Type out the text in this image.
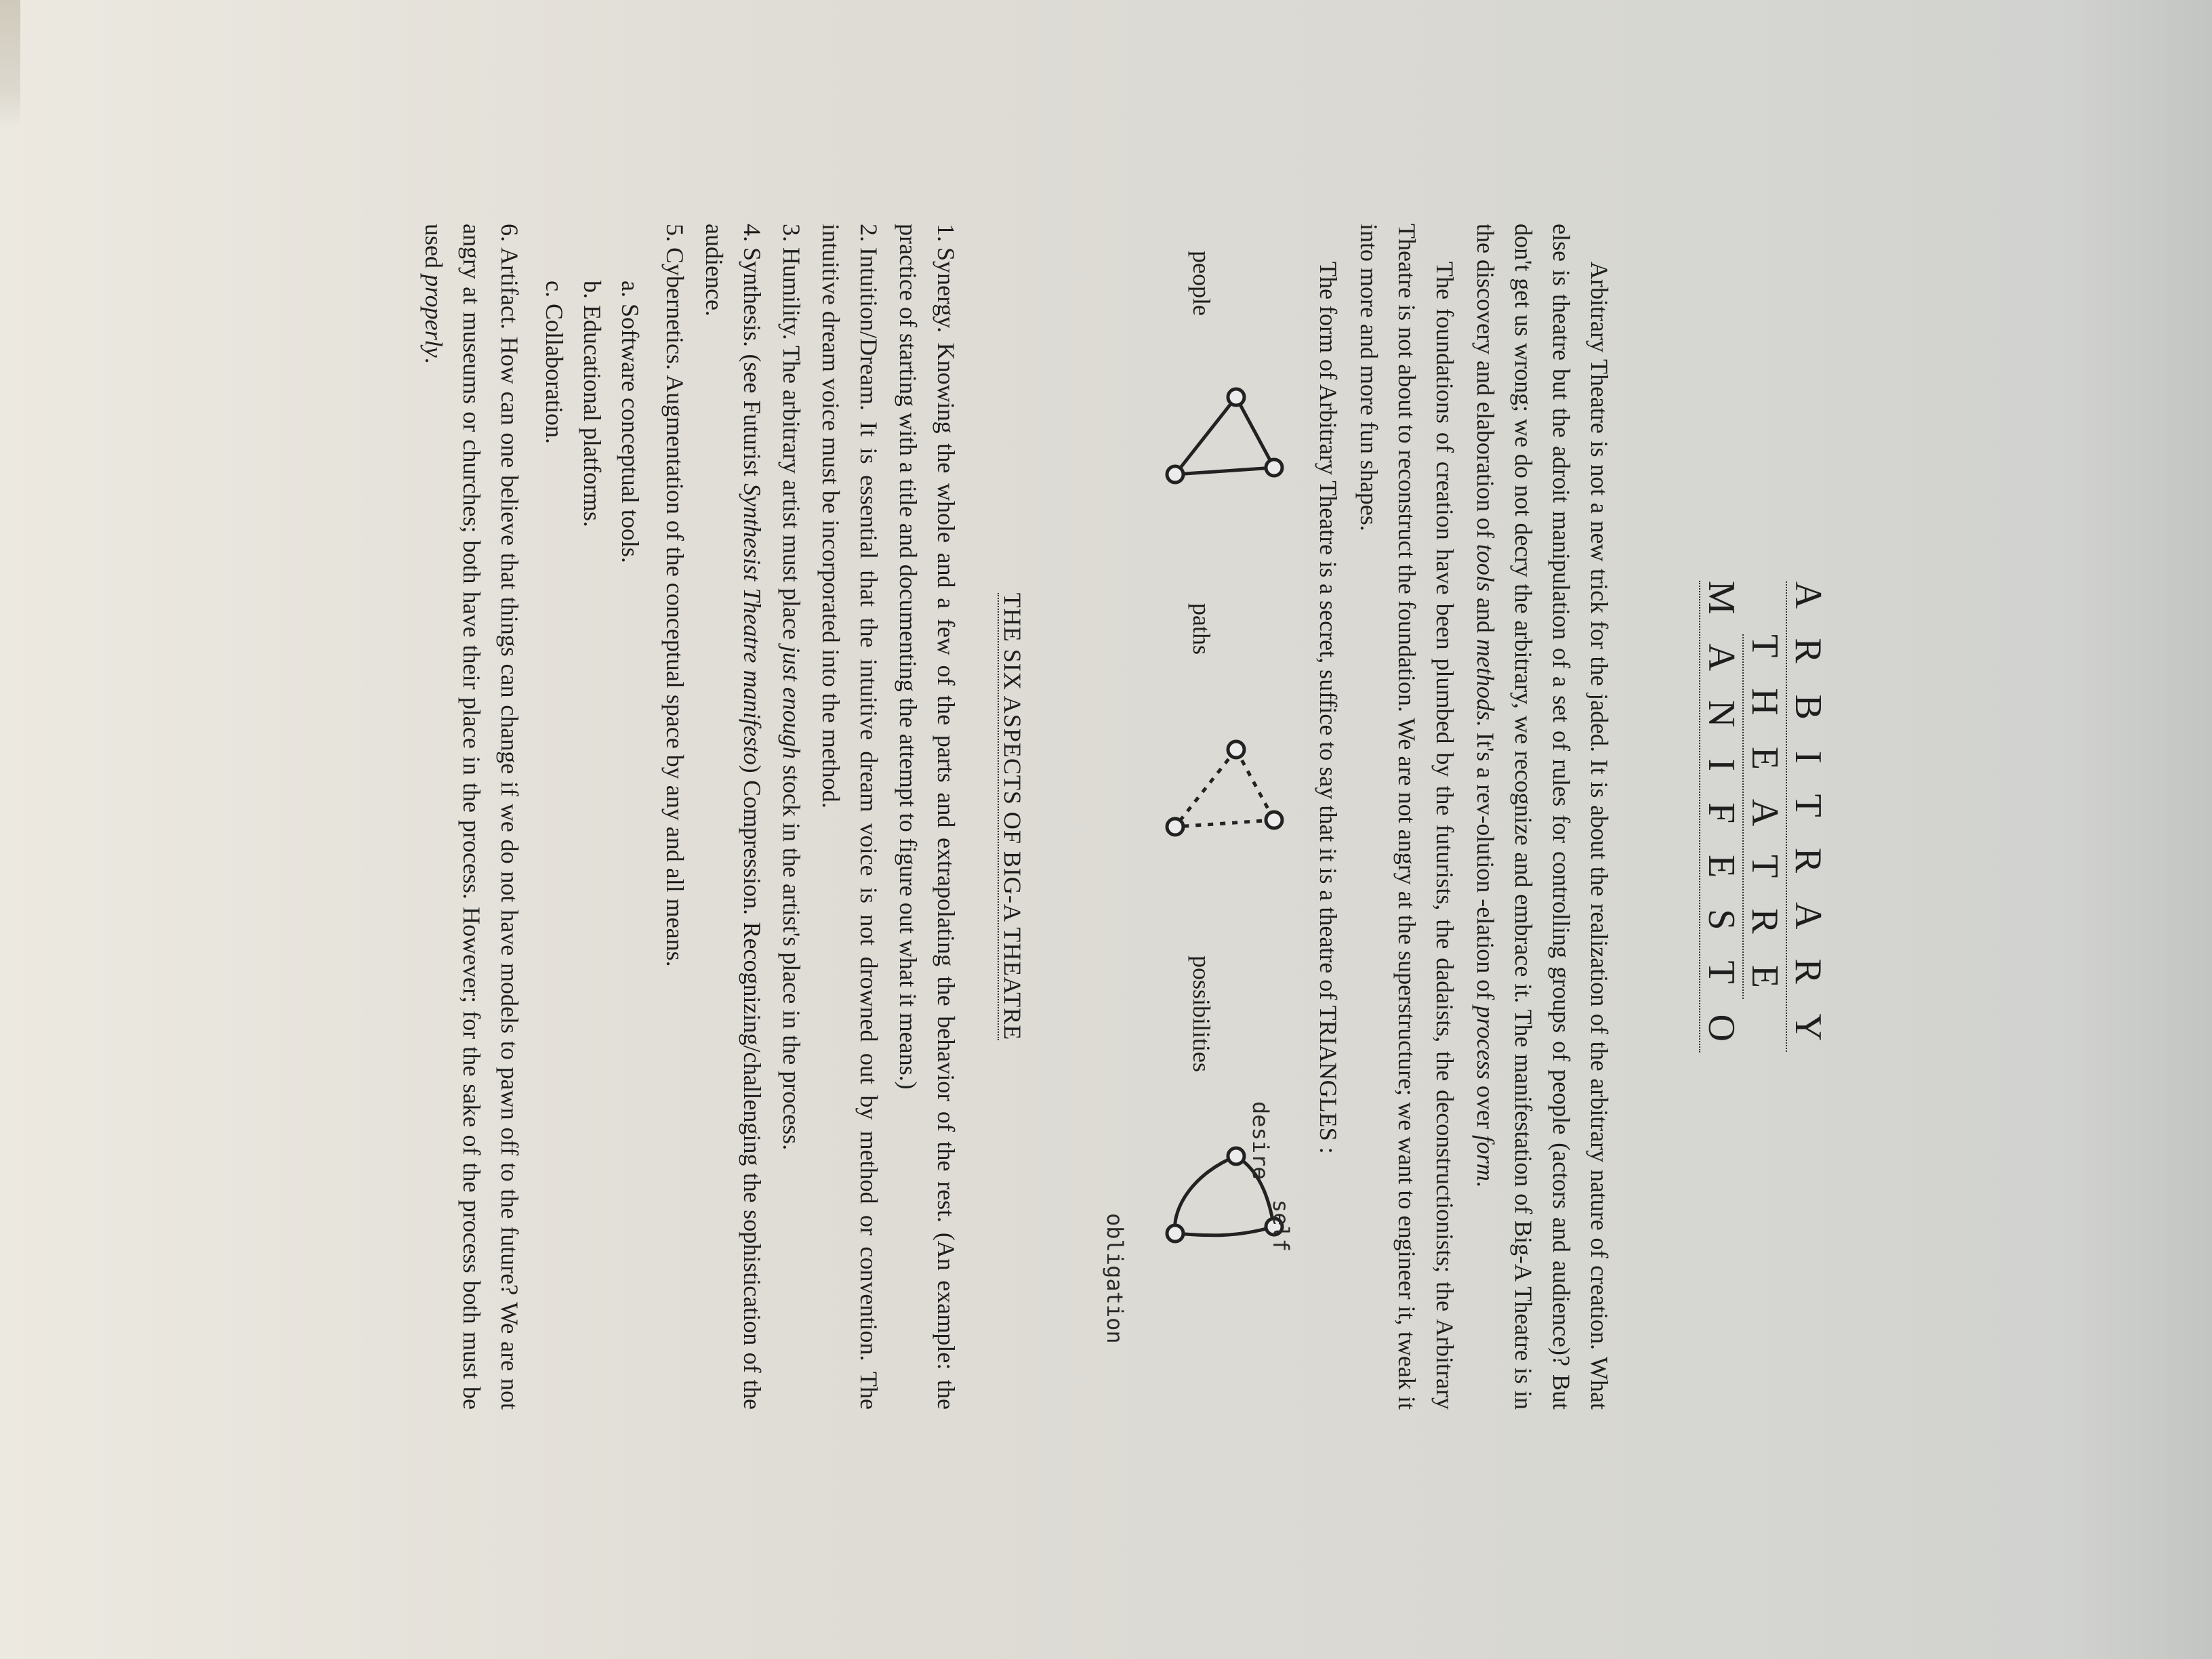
A R B I T R A R Y
T H E A T R E
M A N I F E S T O

Arbitrary Theatre is not a new trick for the jaded. It is about the realization of the arbitrary nature of creation. What else is theatre but the adroit manipulation of a set of rules for controlling groups of people (actors and audience)? But don't get us wrong; we do not decry the arbitrary, we recognize and embrace it. The manifestation of Big-A Theatre is in the discovery and elaboration of tools and methods. It's a rev-olution -elation of process over form.

The foundations of creation have been plumbed by the futurists, the dadaists, the deconstructionists; the Arbitrary Theatre is not about to reconstruct the foundation. We are not angry at the superstructure; we want to engineer it, tweak it into more and more fun shapes.

The form of Arbitrary Theatre is a secret, suffice to say that it is a theatre of TRIANGLES :

people
paths
possibilities
desire
self
obligation
THE SIX ASPECTS OF BIG-A THEATRE

1.Synergy. Knowing the whole and a few of the parts and extrapolating the behavior of the rest. (An example: the practice of starting with a title and documenting the attempt to figure out what it means.)

2.Intuition/Dream. It is essential that the intuitive dream voice is not drowned out by method or convention. The intuitive dream voice must be incorporated into the method.

3.Humility. The arbitrary artist must place just enough stock in the artist's place in the process.

4.Synthesis. (see Futurist Synthesist Theatre manifesto) Compression. Recognizing/challenging the sophistication of the audience.

5.Cybernetics. Augmentation of the conceptual space by any and all means.

a. Software conceptual tools.
b. Educational platforms.
c. Collaboration.

6.Artifact. How can one believe that things can change if we do not have models to pawn off to the future? We are not angry at museums or churches; both have their place in the process. However; for the sake of the process both must be used properly.
